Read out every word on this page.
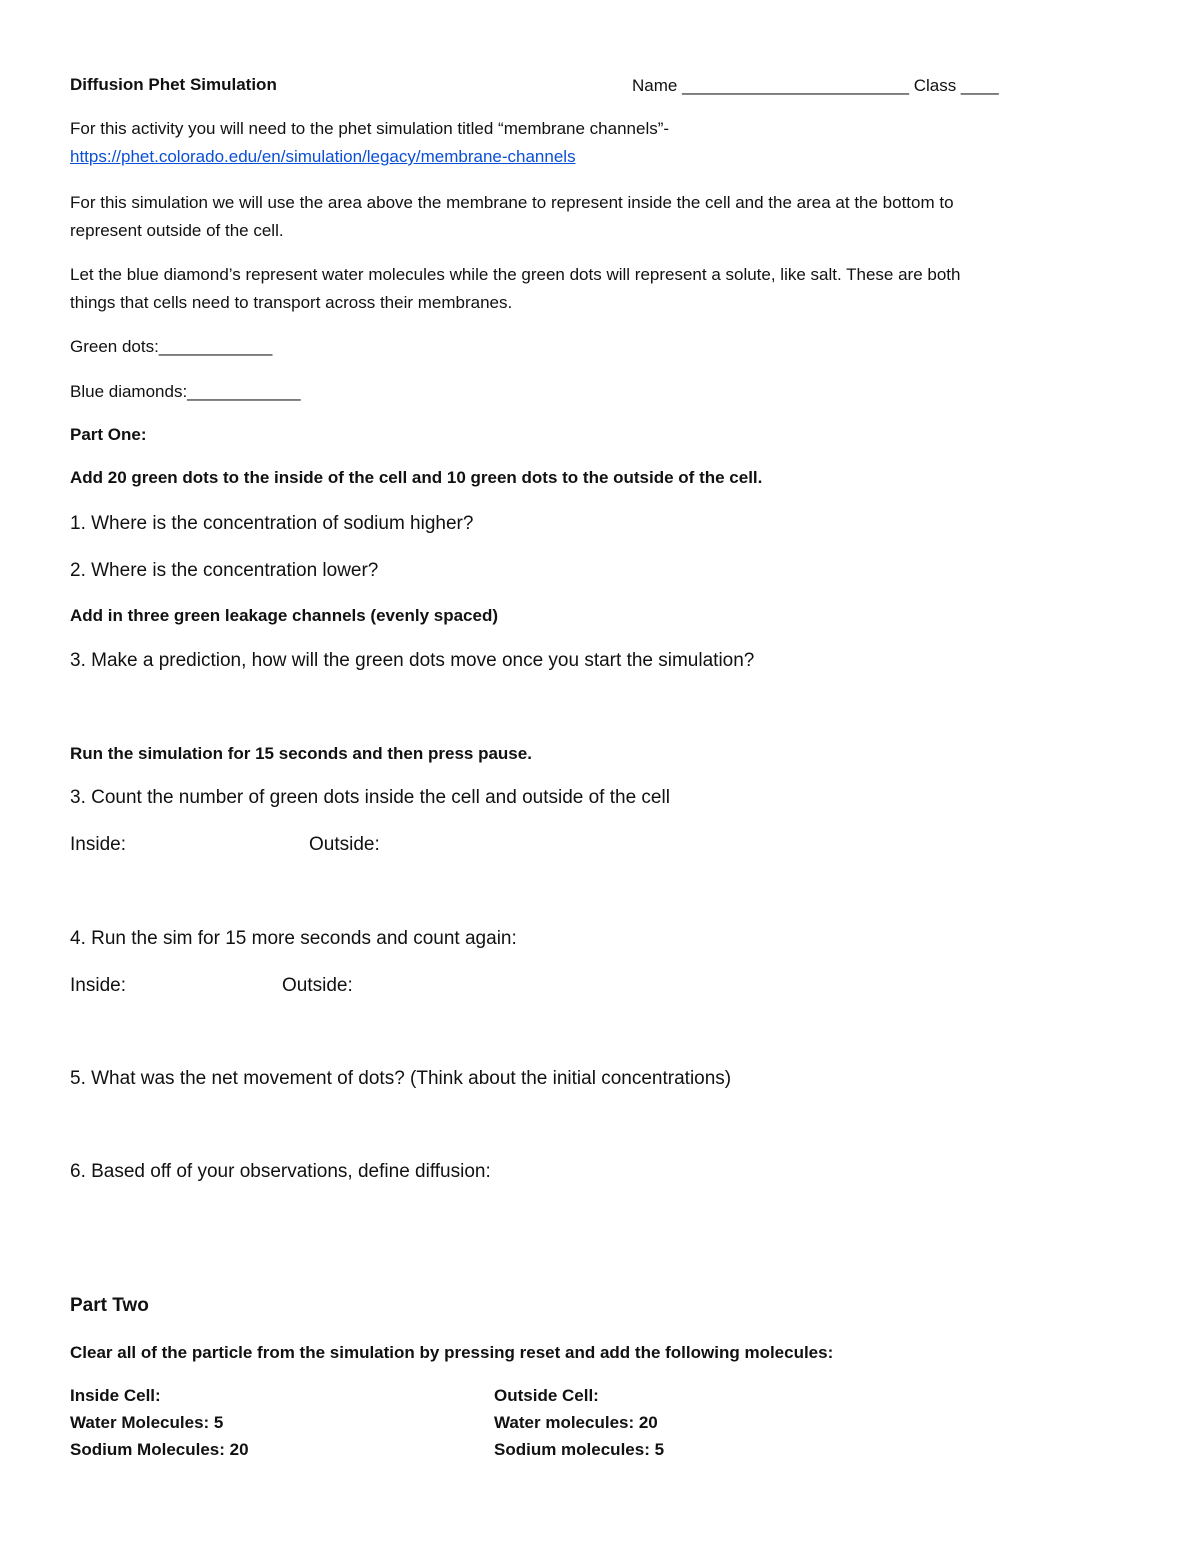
Diffusion Phet Simulation	Name ________________________ Class ____
For this activity you will need to the phet simulation titled “membrane channels”-
https://phet.colorado.edu/en/simulation/legacy/membrane-channels
For this simulation we will use the area above the membrane to represent inside the cell and the area at the bottom to
represent outside of the cell.
Let the blue diamond’s represent water molecules while the green dots will represent a solute, like salt. These are both
things that cells need to transport across their membranes.
Green dots:____________
Blue diamonds:____________
Part One:
Add 20 green dots to the inside of the cell and 10 green dots to the outside of the cell.
1. Where is the concentration of sodium higher?
2. Where is the concentration lower?
Add in three green leakage channels (evenly spaced)
3. Make a prediction, how will the green dots move once you start the simulation?
Run the simulation for 15 seconds and then press pause.
3. Count the number of green dots inside the cell and outside of the cell
Inside:	Outside:
4. Run the sim for 15 more seconds and count again:
Inside:	Outside:
5. What was the net movement of dots? (Think about the initial concentrations)
6. Based off of your observations, define diffusion:
Part Two
Clear all of the particle from the simulation by pressing reset and add the following molecules:
Inside Cell:
Water Molecules: 5
Sodium Molecules: 20
Outside Cell:
Water molecules: 20
Sodium molecules: 5
